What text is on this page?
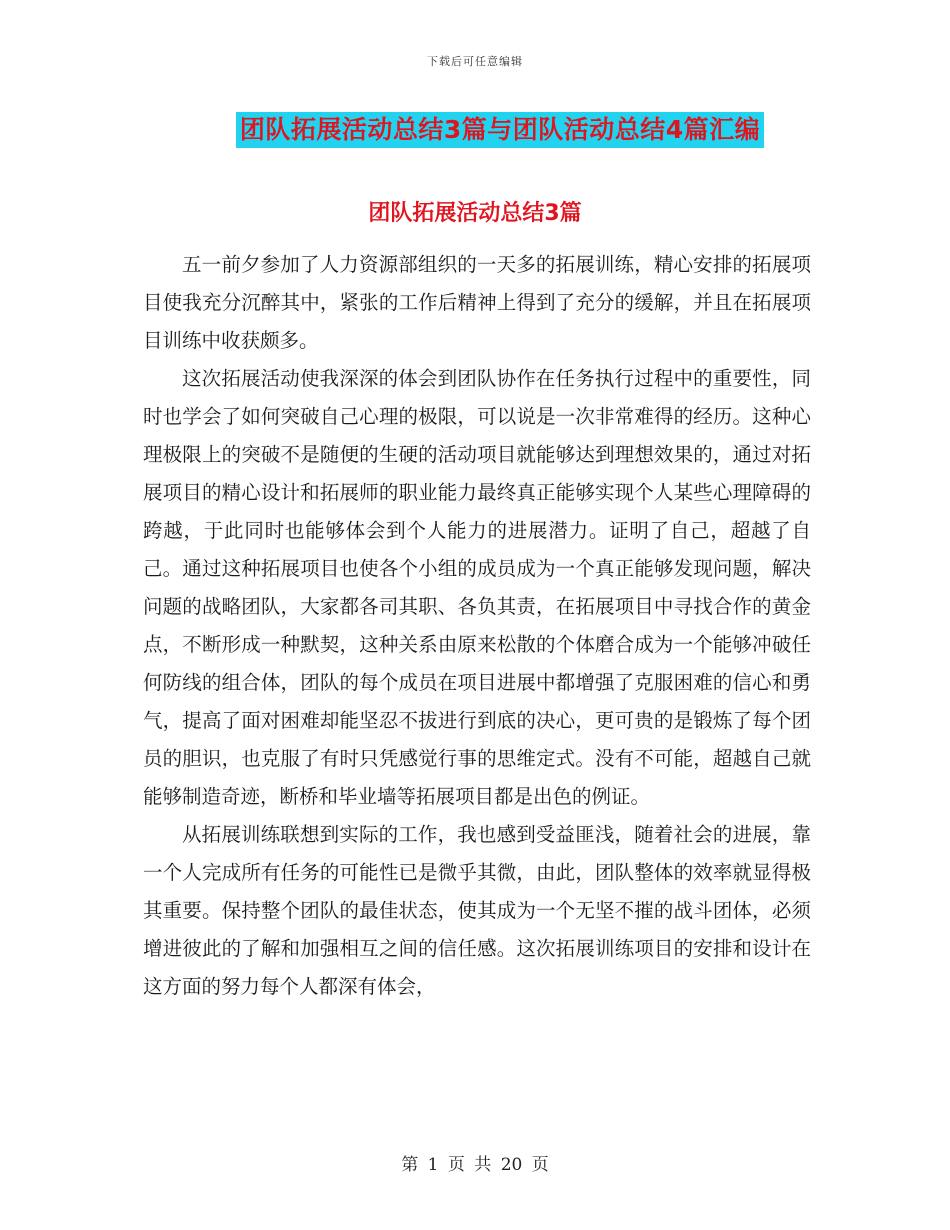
下载后可任意编辑
团队拓展活动总结3篇与团队活动总结4篇汇编
团队拓展活动总结3篇

五一前夕参加了人力资源部组织的一天多的拓展训练，精心安排的拓展项目使我充分沉醉其中，紧张的工作后精神上得到了充分的缓解，并且在拓展项目训练中收获颇多。

这次拓展活动使我深深的体会到团队协作在任务执行过程中的重要性，同时也学会了如何突破自己心理的极限，可以说是一次非常难得的经历。这种心理极限上的突破不是随便的生硬的活动项目就能够达到理想效果的，通过对拓展项目的精心设计和拓展师的职业能力最终真正能够实现个人某些心理障碍的跨越，于此同时也能够体会到个人能力的进展潜力。证明了自己，超越了自己。通过这种拓展项目也使各个小组的成员成为一个真正能够发现问题，解决问题的战略团队，大家都各司其职、各负其责，在拓展项目中寻找合作的黄金点，不断形成一种默契，这种关系由原来松散的个体磨合成为一个能够冲破任何防线的组合体，团队的每个成员在项目进展中都增强了克服困难的信心和勇气，提高了面对困难却能坚忍不拔进行到底的决心，更可贵的是锻炼了每个团员的胆识，也克服了有时只凭感觉行事的思维定式。没有不可能，超越自己就能够制造奇迹，断桥和毕业墙等拓展项目都是出色的例证。

从拓展训练联想到实际的工作，我也感到受益匪浅，随着社会的进展，靠一个人完成所有任务的可能性已是微乎其微，由此，团队整体的效率就显得极其重要。保持整个团队的最佳状态，使其成为一个无坚不摧的战斗团体，必须增进彼此的了解和加强相互之间的信任感。这次拓展训练项目的安排和设计在这方面的努力每个人都深有体会，

第 1 页 共 20 页
